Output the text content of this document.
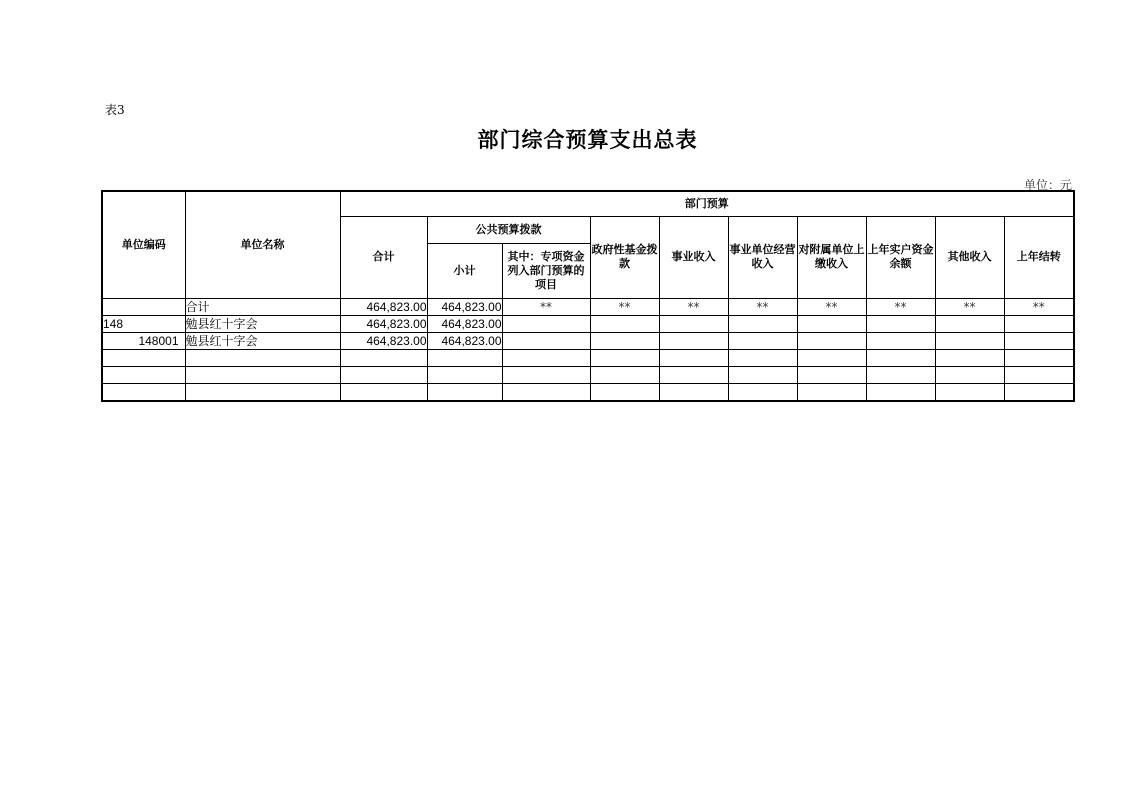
表3
部门综合预算支出总表
单位：元
单位编码	单位名称	部门预算									
		合计	公共预算拨款		政府性基金拨款	事业收入	事业单位经营收入	对附属单位上缴收入	上年实户资金余额	其他收入	上年结转
			小计	其中：专项资金列入部门预算的项目							
	合计	464,823.00	464,823.00	**	**	**	**	**	**	**	**
148	勉县红十字会	464,823.00	464,823.00								
148001	勉县红十字会	464,823.00	464,823.00								
